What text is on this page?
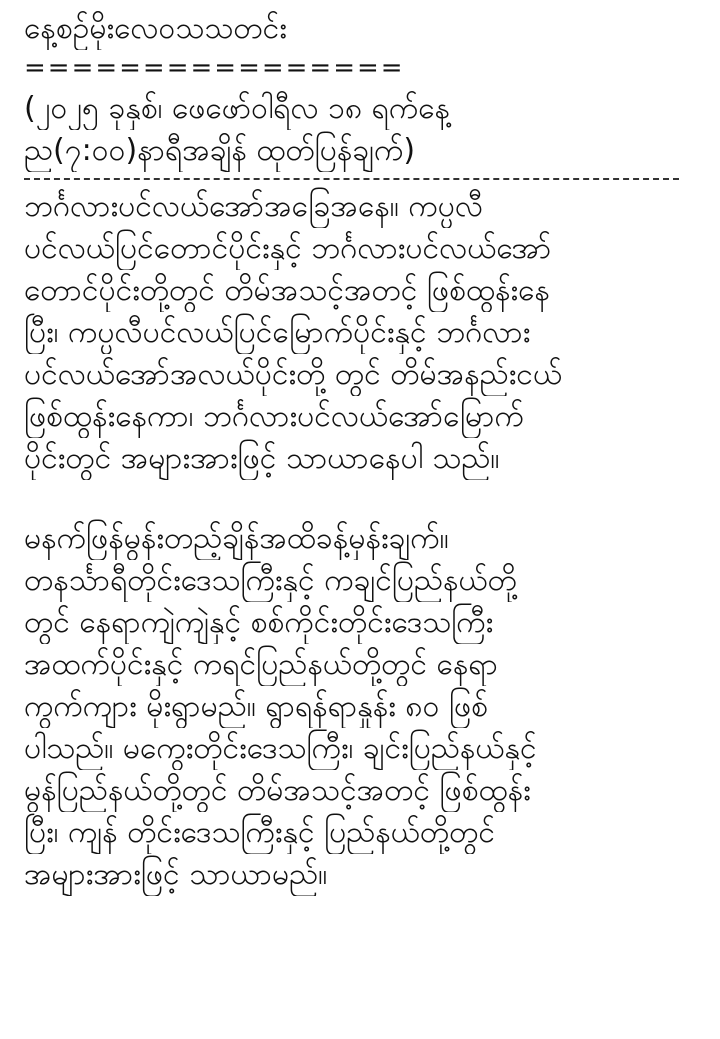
နေ့စဉ်မိုးလေဝသသတင်း
================
(၂၀၂၅ ခုနှစ်၊ ဖေဖော်ဝါရီလ ၁၈ ရက်နေ့
ည(၇:၀၀)နာရီအချိန် ထုတ်ပြန်ချက်)
ဘင်္ဂလားပင်လယ်အော်အခြေအနေ။ ကပ္ပလီ
ပင်လယ်ပြင်တောင်ပိုင်းနှင့် ဘင်္ဂလားပင်လယ်အော်
တောင်ပိုင်းတို့တွင် တိမ်အသင့်အတင့် ဖြစ်ထွန်းနေ
ပြီး၊ ကပ္ပလီပင်လယ်ပြင်မြောက်ပိုင်းနှင့် ဘင်္ဂလား
ပင်လယ်အော်အလယ်ပိုင်းတို့ တွင် တိမ်အနည်းငယ်
ဖြစ်ထွန်းနေကာ၊ ဘင်္ဂလားပင်လယ်အော်မြောက်
ပိုင်းတွင် အများအားဖြင့် သာယာနေပါ သည်။
မနက်ဖြန်မွန်းတည့်ချိန်အထိခန့်မှန်းချက်။
တနင်္သာရီတိုင်းဒေသကြီးနှင့် ကချင်ပြည်နယ်တို့
တွင် နေရာကျဲကျဲနှင့် စစ်ကိုင်းတိုင်းဒေသကြီး
အထက်ပိုင်းနှင့် ကရင်ပြည်နယ်တို့တွင် နေရာ
ကွက်ကျား မိုးရွာမည်။ ရွာရန်ရာနှုန်း ၈၀ ဖြစ်
ပါသည်။ မကွေးတိုင်းဒေသကြီး၊ ချင်းပြည်နယ်နှင့်
မွန်ပြည်နယ်တို့တွင် တိမ်အသင့်အတင့် ဖြစ်ထွန်း
ပြီး၊ ကျန် တိုင်းဒေသကြီးနှင့် ပြည်နယ်တို့တွင်
အများအားဖြင့် သာယာမည်။
